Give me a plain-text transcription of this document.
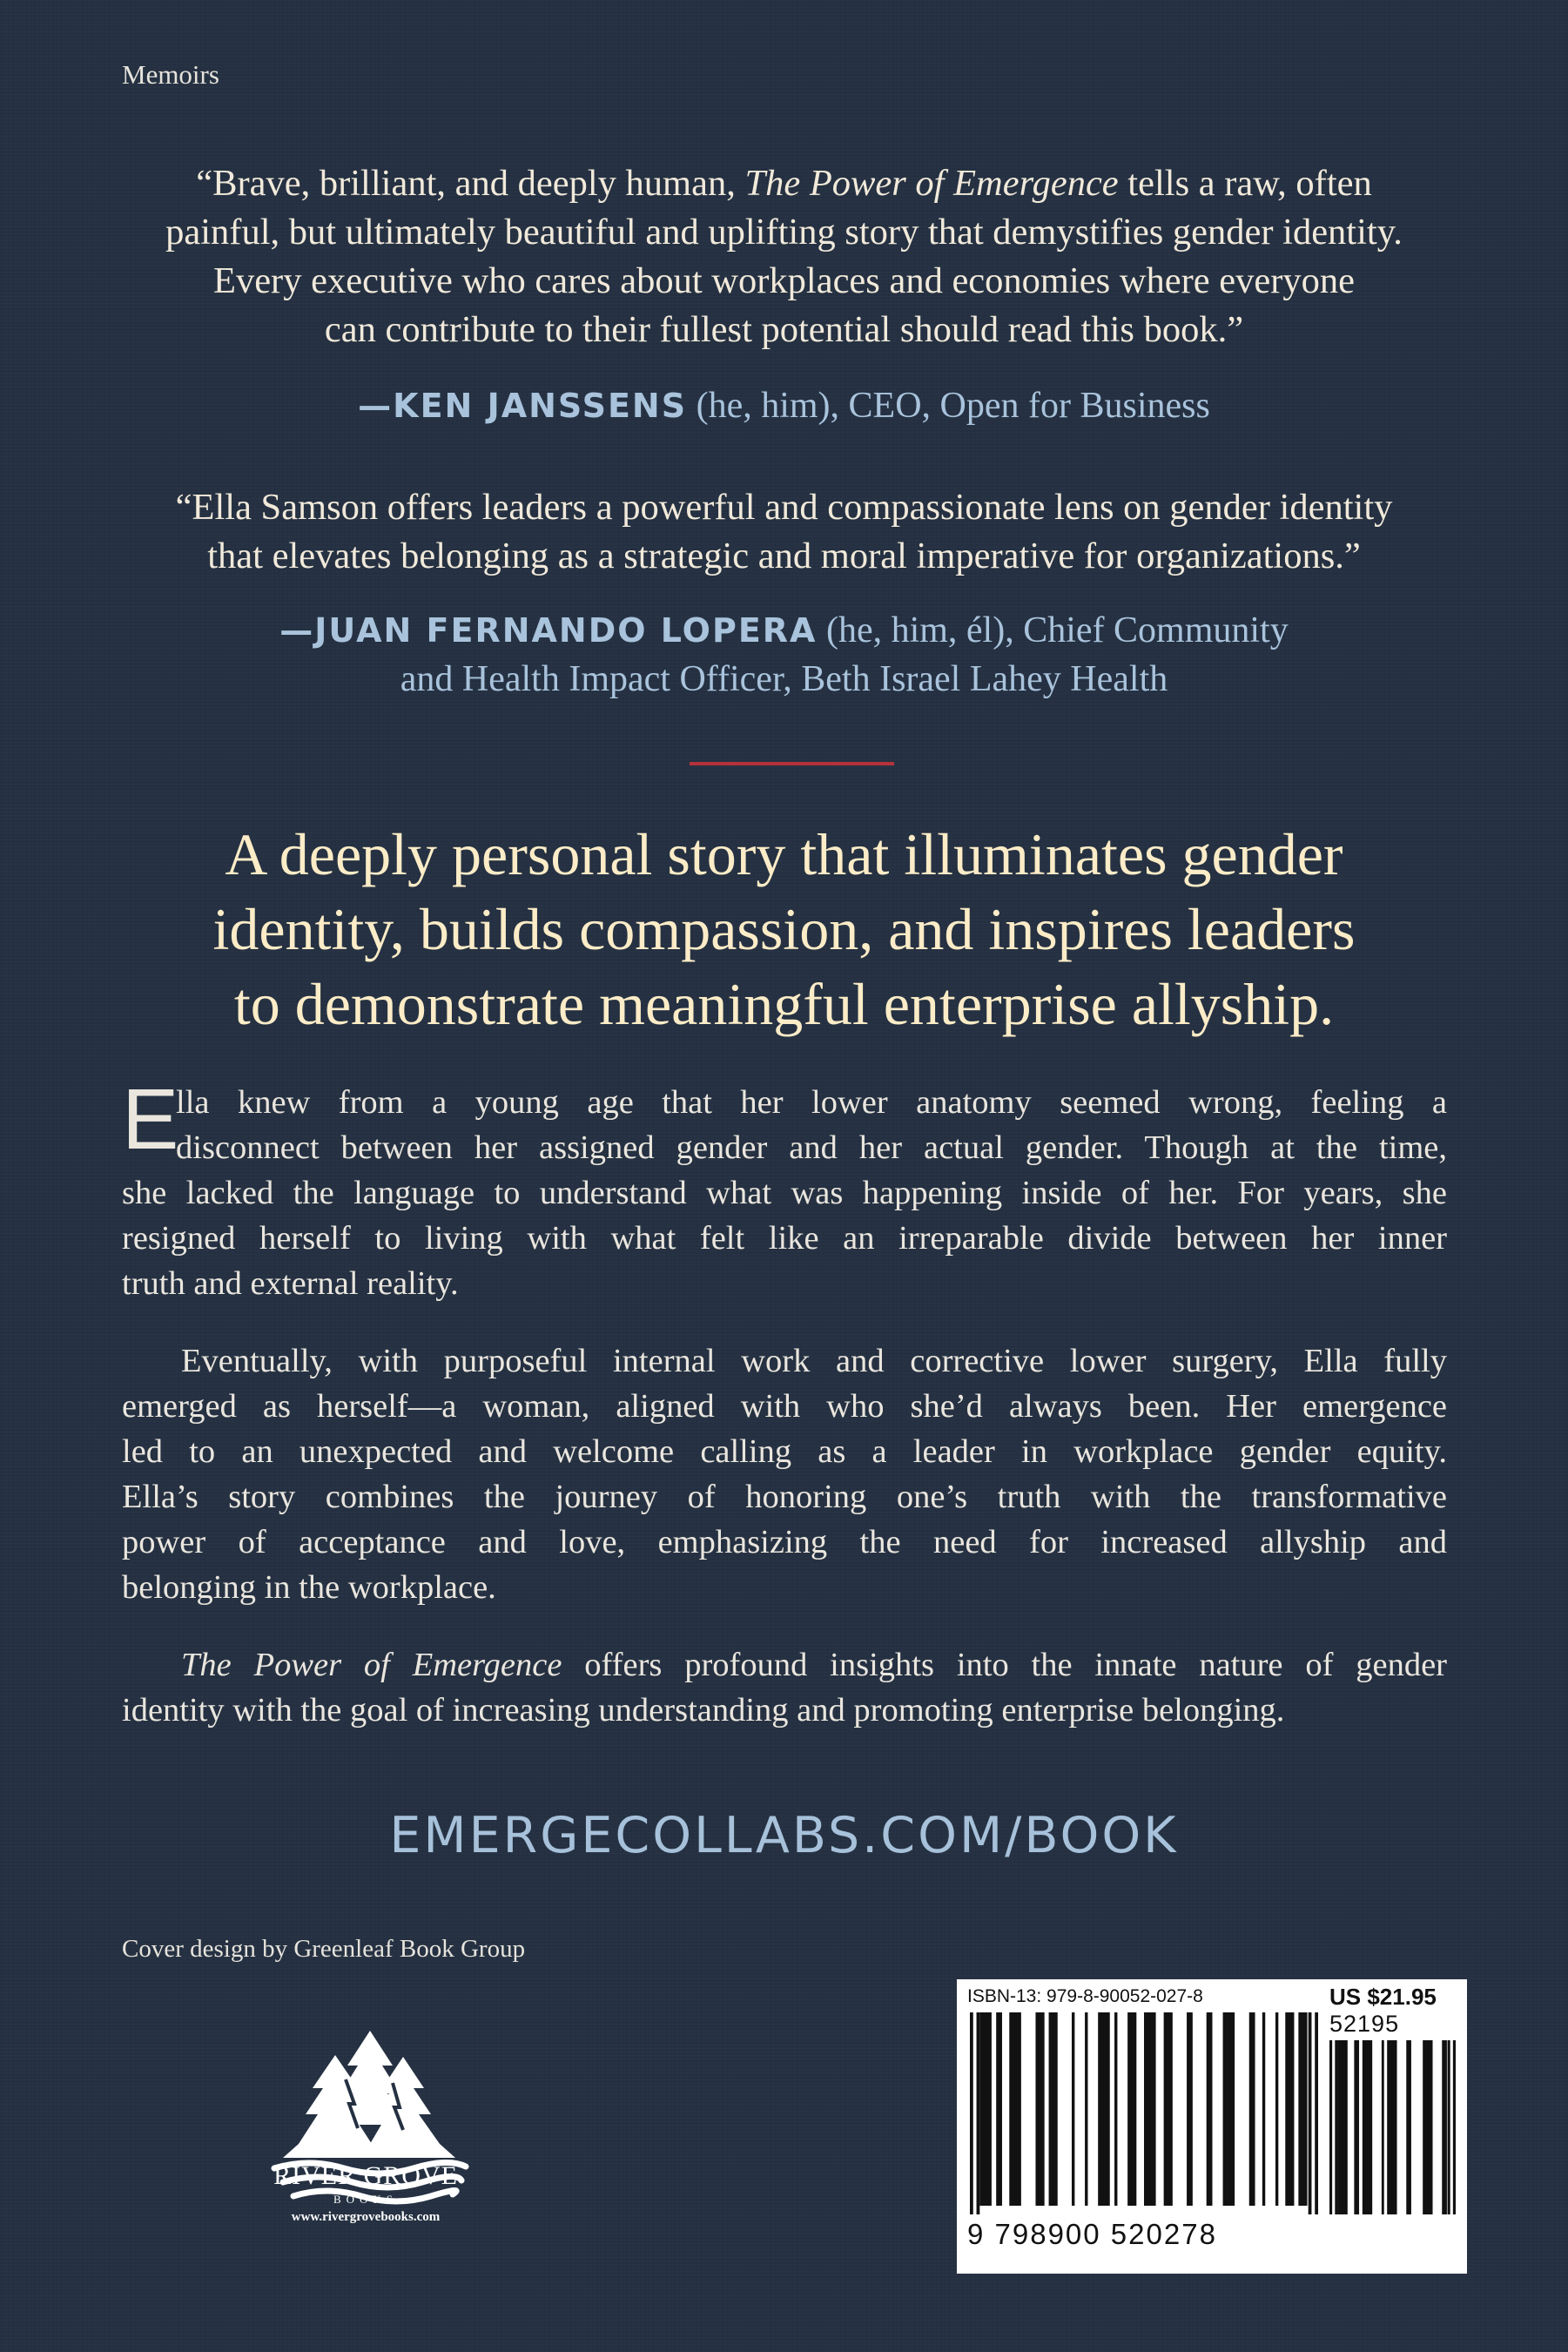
Memoirs
“Brave, brilliant, and deeply human, The Power of Emergence tells a raw, often
painful, but ultimately beautiful and uplifting story that demystifies gender identity.
Every executive who cares about workplaces and economies where everyone
can contribute to their fullest potential should read this book.”
—KEN JANSSENS (he, him), CEO, Open for Business
“Ella Samson offers leaders a powerful and compassionate lens on gender identity
that elevates belonging as a strategic and moral imperative for organizations.”
—JUAN FERNANDO LOPERA (he, him, él), Chief Community
and Health Impact Officer, Beth Israel Lahey Health
A deeply personal story that illuminates gender
identity, builds compassion, and inspires leaders
to demonstrate meaningful enterprise allyship.
E
lla knew from a young age that her lower anatomy seemed wrong, feeling a
disconnect between her assigned gender and her actual gender. Though at the time,
she lacked the language to understand what was happening inside of her. For years, she
resigned herself to living with what felt like an irreparable divide between her inner
truth and external reality.
Eventually, with purposeful internal work and corrective lower surgery, Ella fully
emerged as herself—a woman, aligned with who she’d always been. Her emergence
led to an unexpected and welcome calling as a leader in workplace gender equity.
Ella’s story combines the journey of honoring one’s truth with the transformative
power of acceptance and love, emphasizing the need for increased allyship and
belonging in the workplace.
The Power of Emergence offers profound insights into the innate nature of gender
identity with the goal of increasing understanding and promoting enterprise belonging.
EMERGECOLLABS.COM/BOOK
Cover design by Greenleaf Book Group
RIVER GROVE
BOOKS
www.rivergrovebooks.com
ISBN-13: 979-8-90052-027-8	US $21.95
52195
9 798900 520278
